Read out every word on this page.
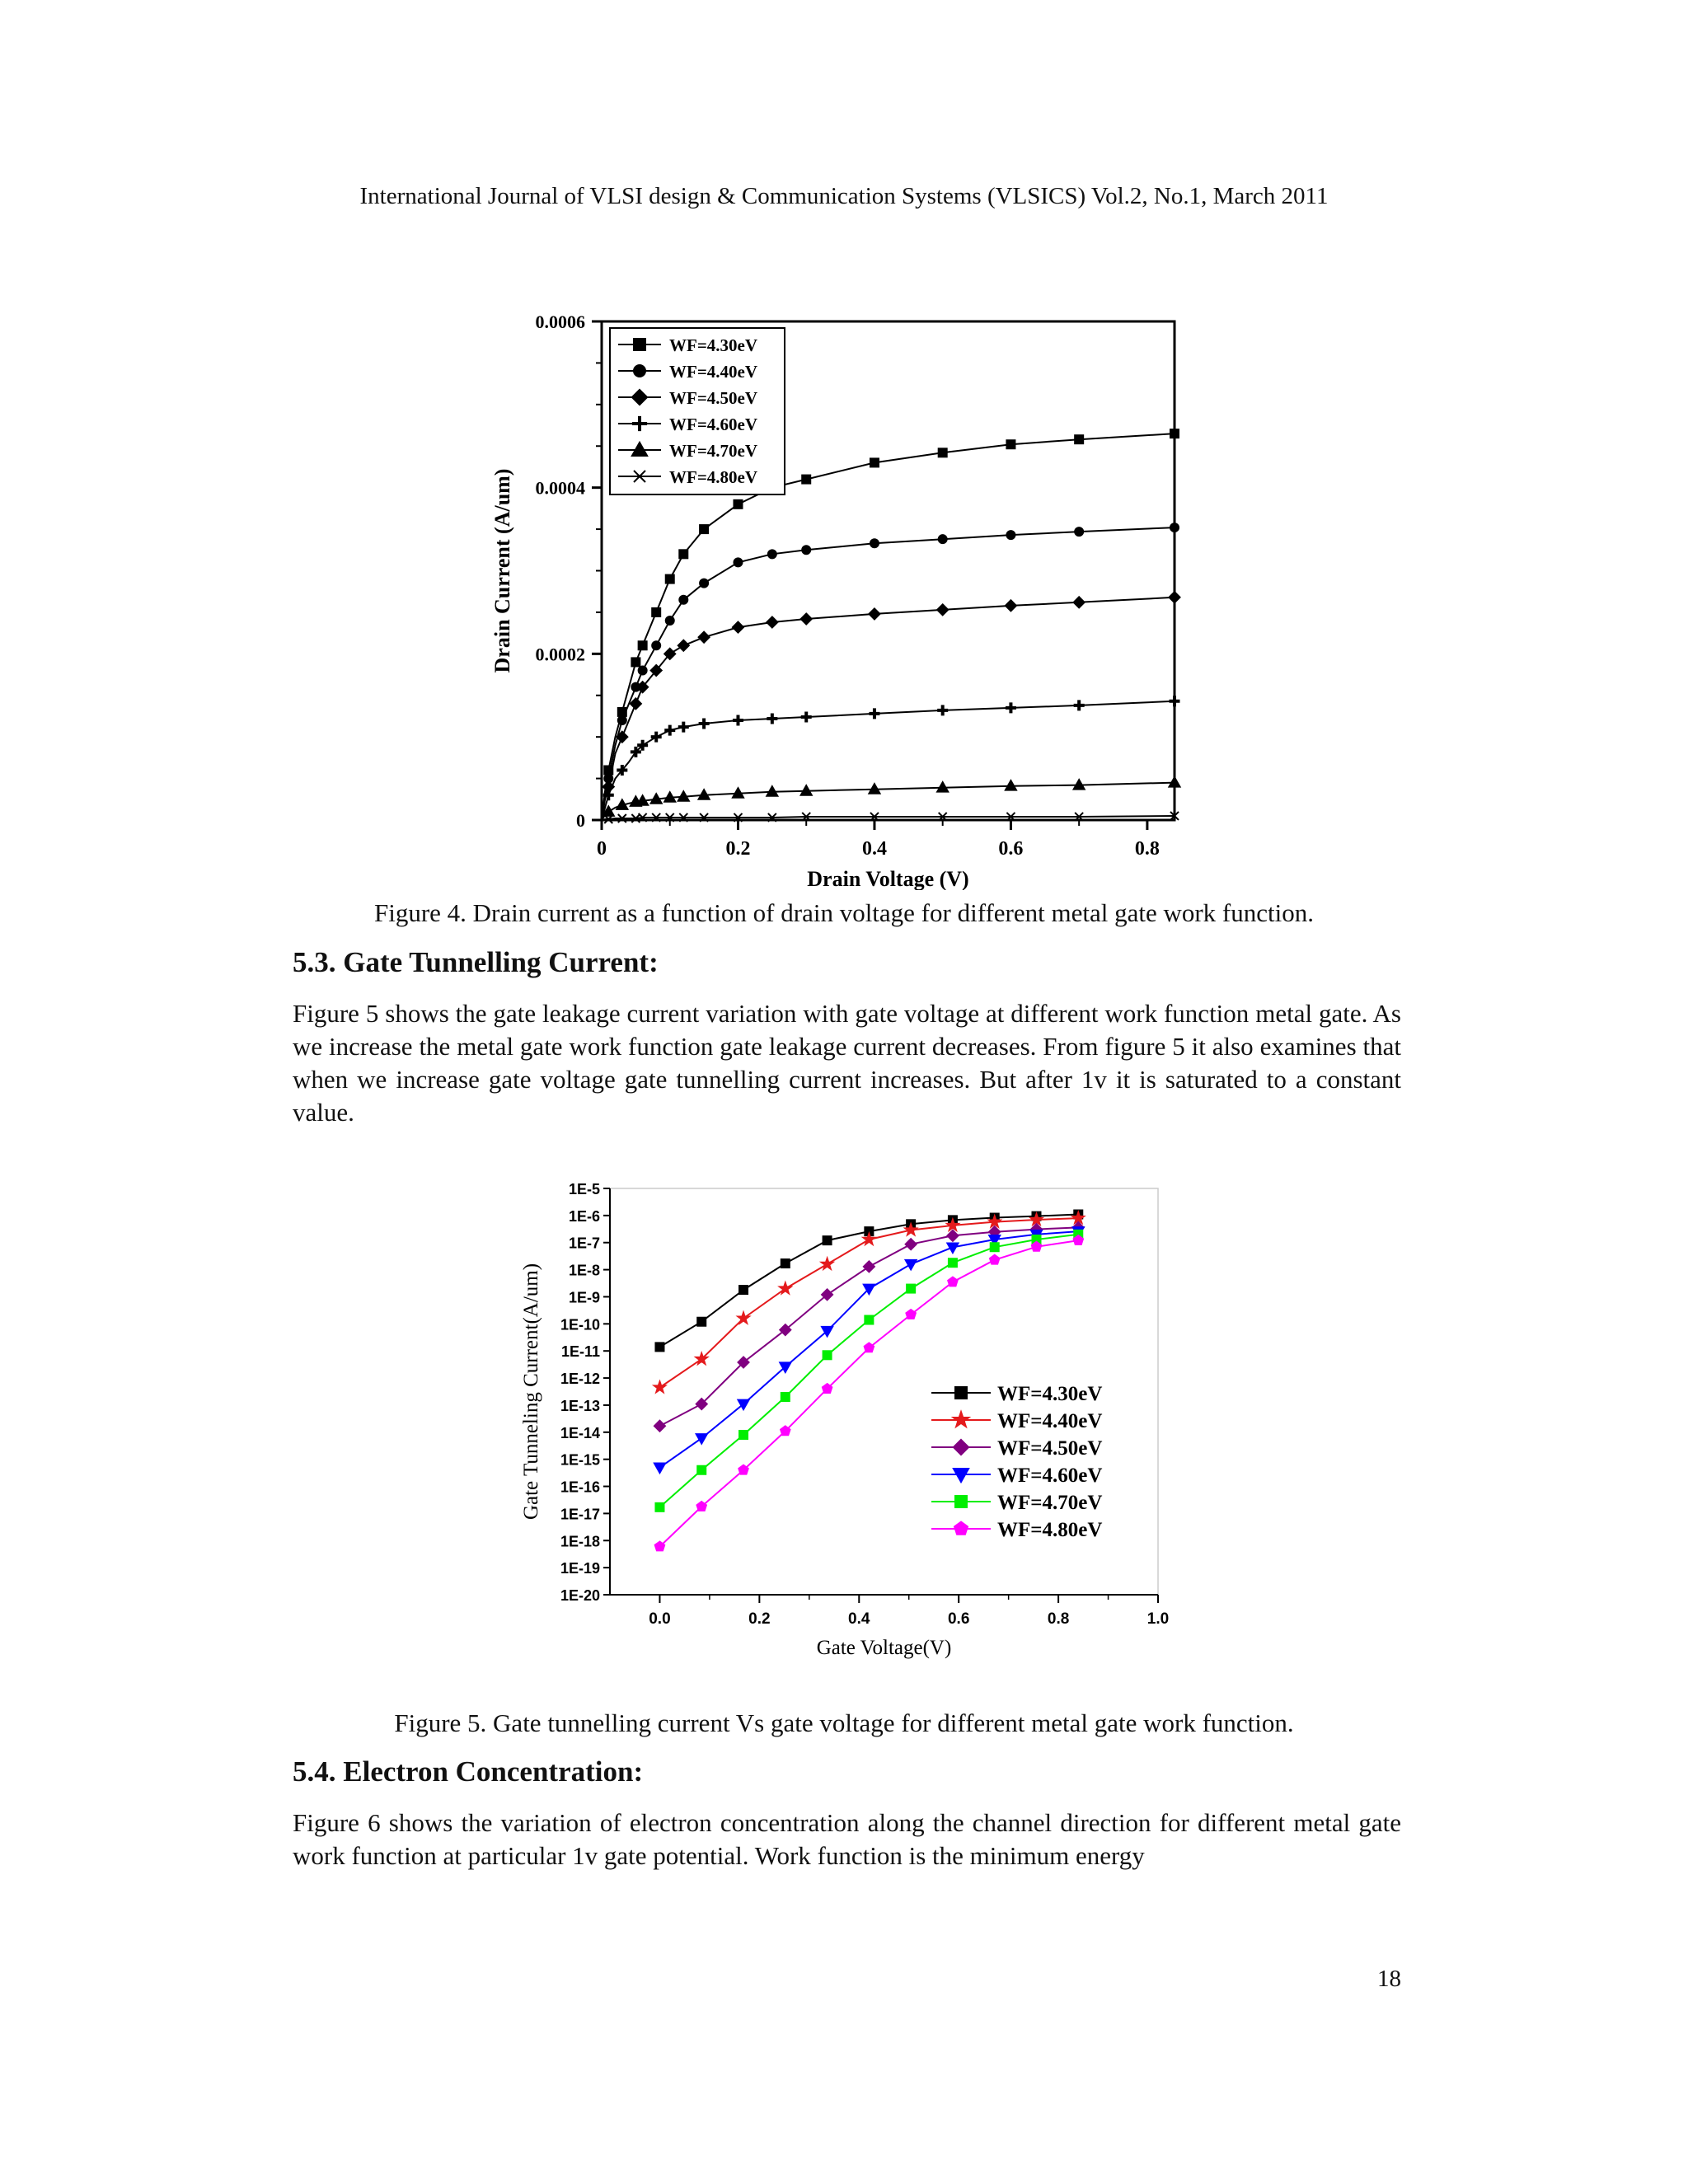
International Journal of VLSI design & Communication Systems (VLSICS) Vol.2, No.1, March 2011
0	0.2	0.4	0.6	0.8
0
0.0002
0.0004
0.0006
Drain Voltage (V)
Drain Current (A/um)
WF=4.30eV
WF=4.40eV
WF=4.50eV
WF=4.60eV
WF=4.70eV
WF=4.80eV
Figure 4. Drain current as a function of drain voltage for different metal gate work function.
5.3. Gate Tunnelling Current:
Figure 5 shows the gate leakage current variation with gate voltage at different work function metal gate. As we increase the metal gate work function gate leakage current decreases. From figure 5 it also examines that when we increase gate voltage gate tunnelling current increases. But after 1v it is saturated to a constant value.
0.0	0.2	0.4	0.6	0.8	1.0
1E-5
1E-6
1E-7
1E-8
1E-9
1E-10
1E-11
1E-12
1E-13
1E-14
1E-15
1E-16
1E-17
1E-18
1E-19
1E-20
Gate Voltage(V)
Gate Tunneling Current(A/um)	WF=4.30eV
WF=4.40eV
WF=4.50eV
WF=4.60eV
WF=4.70eV
WF=4.80eV
Figure 5. Gate tunnelling current Vs gate voltage for different metal gate work function.
5.4. Electron Concentration:
Figure 6 shows the variation of electron concentration along the channel direction for different metal gate work function at particular 1v gate potential. Work function is the minimum energy
18
